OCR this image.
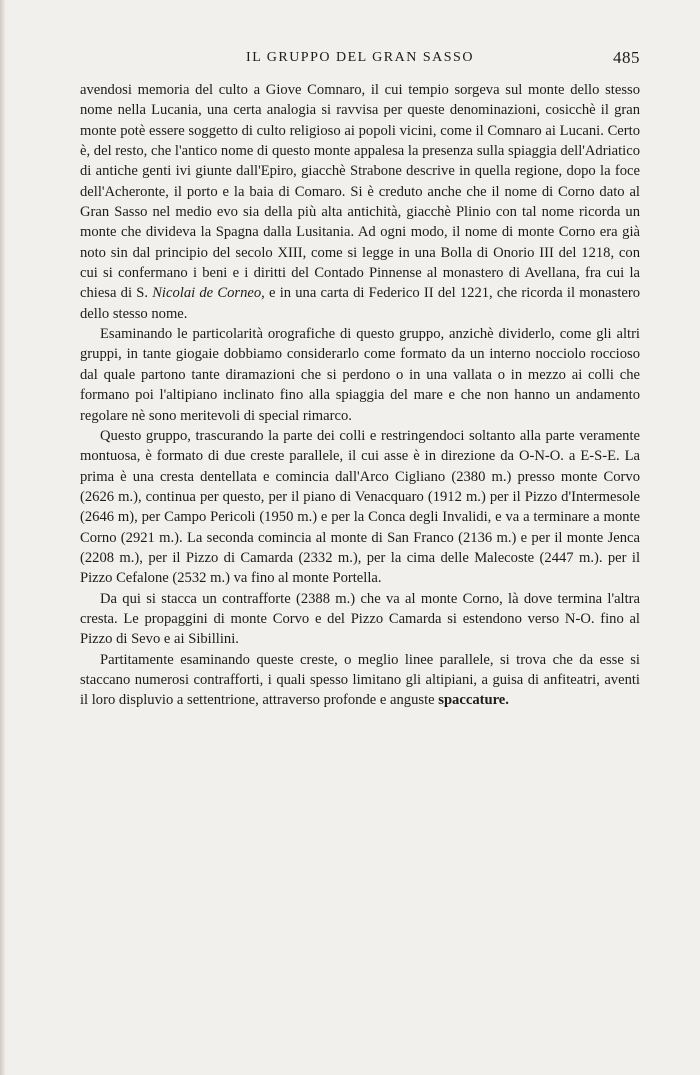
IL GRUPPO DEL GRAN SASSO	485

avendosi memoria del culto a Giove Comnaro, il cui tempio sorgeva sul monte dello stesso nome nella Lucania, una certa analogia si ravvisa per queste denominazioni, cosicchè il gran monte potè essere soggetto di culto religioso ai popoli vicini, come il Comnaro ai Lucani. Certo è, del resto, che l'antico nome di questo monte appalesa la presenza sulla spiaggia dell'Adriatico di antiche genti ivi giunte dall'Epiro, giacchè Strabone descrive in quella regione, dopo la foce dell'Acheronte, il porto e la baia di Comaro. Si è creduto anche che il nome di Corno dato al Gran Sasso nel medio evo sia della più alta antichità, giacchè Plinio con tal nome ricorda un monte che divideva la Spagna dalla Lusitania. Ad ogni modo, il nome di monte Corno era già noto sin dal principio del secolo XIII, come si legge in una Bolla di Onorio III del 1218, con cui si confermano i beni e i diritti del Contado Pinnense al monastero di Avellana, fra cui la chiesa di S. Nicolai de Corneo, e in una carta di Federico II del 1221, che ricorda il monastero dello stesso nome.

Esaminando le particolarità orografiche di questo gruppo, anzichè dividerlo, come gli altri gruppi, in tante giogaie dobbiamo considerarlo come formato da un interno nocciolo roccioso dal quale partono tante diramazioni che si perdono o in una vallata o in mezzo ai colli che formano poi l'altipiano inclinato fino alla spiaggia del mare e che non hanno un andamento regolare nè sono meritevoli di special rimarco.

Questo gruppo, trascurando la parte dei colli e restringendoci soltanto alla parte veramente montuosa, è formato di due creste parallele, il cui asse è in direzione da O-N-O. a E-S-E. La prima è una cresta dentellata e comincia dall'Arco Cigliano (2380 m.) presso monte Corvo (2626 m.), continua per questo, per il piano di Venacquaro (1912 m.) per il Pizzo d'Intermesole (2646 m), per Campo Pericoli (1950 m.) e per la Conca degli Invalidi, e va a terminare a monte Corno (2921 m.). La seconda comincia al monte di San Franco (2136 m.) e per il monte Jenca (2208 m.), per il Pizzo di Camarda (2332 m.), per la cima delle Malecoste (2447 m.). per il Pizzo Cefalone (2532 m.) va fino al monte Portella.

Da qui si stacca un contrafforte (2388 m.) che va al monte Corno, là dove termina l'altra cresta. Le propaggini di monte Corvo e del Pizzo Camarda si estendono verso N-O. fino al Pizzo di Sevo e ai Sibillini.

Partitamente esaminando queste creste, o meglio linee parallele, si trova che da esse si staccano numerosi contrafforti, i quali spesso limitano gli altipiani, a guisa di anfiteatri, aventi il loro displuvio a settentrione, attraverso profonde e anguste spaccature.
